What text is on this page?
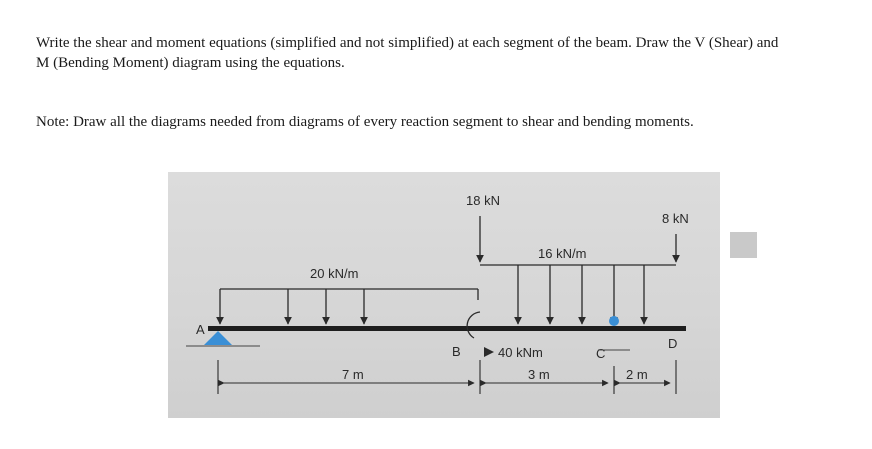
Write the shear and moment equations (simplified and not simplified) at each segment of the beam. Draw the V (Shear) and

M (Bending Moment) diagram using the equations.

Note: Draw all the diagrams needed from diagrams of every reaction segment to shear and bending moments.

20 kN/m
16 kN/m
18 kN
8 kN
A
C
D
B	40 kNm
7 m	3 m	2 m
